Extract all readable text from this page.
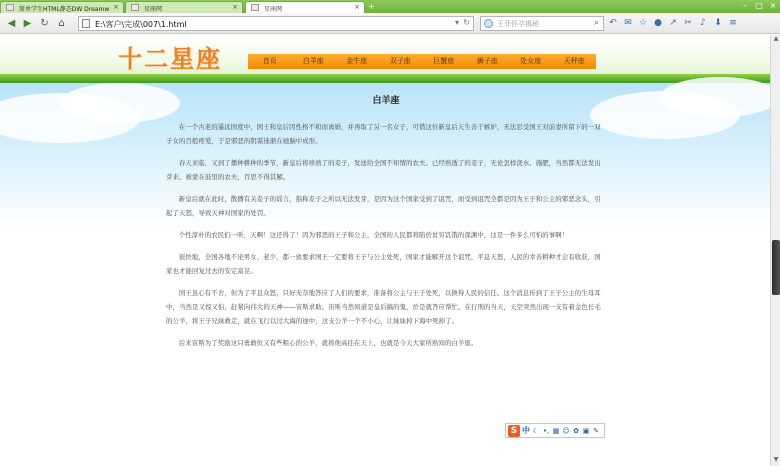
简单学生HTML静态DW Dreamw ×	星座网	×	星座网	× +	–	□ ×
◀ ▶ ↻ ⌂	E:\客户\完成\007\1.html	▾ ↻	王菲怀孕揭秘	⌕	↶ ✉ ☆ ● ↗ ✂ ♪ ⬇ ≡
十二星座	首页	白羊座	金牛座	双子座	巨蟹座	狮子座	处女座	天秤座
白羊座

在一个古老的遥远国度中，国王和皇后因性格不和而离婚，并再取了另一名女子，可惜这位新皇后天生善于嫉妒，无法忍受国王对前妻所留下的一双子女的百般疼爱，于是邪恶的阴谋迷渐在她脑中成形。

春天来临，又到了播种耕种的季节，新皇后将珍熟了的麦子，发送给全国不知情的农夫。已经熟透了的麦子，无论怎样浇水、施肥，当然都无法发出芽来。被蒙在鼓里的农夫，百思不得其解。

新皇后就在此时，散播有关麦子的谣言，指称麦子之所以无法发芽，是因为这个国家受到了诅咒，而受到诅咒全都是因为王子和公主的邪恶念头，引起了天怒，导致天神对国家的处罚。

个性淳朴的农民们一听，天啊！这还得了！因为邪恶的王子和公主，全国的人民都将陷於贫穷饥饿的深渊中，这是一件多么可怕的事啊！

很快地，全国各地不论男女、老少，都一致要求国王一定要将王子与公主处死，国家才能解开这个诅咒，平息天怒，人民的幸善耕种才会有收获，国家也才能回复过去的安定富足。

国王虽心有不舍，但为了平息众怒，只好无奈地答应了人们的要求，准备将公主与王子处死，以换得人民的信任。这个消息传到了王子公主的生母耳中，当然是又惊又怕，赶紧向伟大的天神——宙斯求助。宙斯当然知道是皇后搞的鬼，於是就答应帮忙。在行刑的当天，天空突然出现一支有着金色长毛的公羊，将王子兄妹救走，就在飞行以过大海的途中，这支公羊一个不小心，让妹妹掉下海中死掉了。

后来宙斯为了奖励这只勇敢但又有些粗心的公羊，就将他高挂在天上，也就是今天大家所熟知的白羊座。

S 中 ☾ •, ▦ ☺ ✿ ▣ ✎
▲
▼
